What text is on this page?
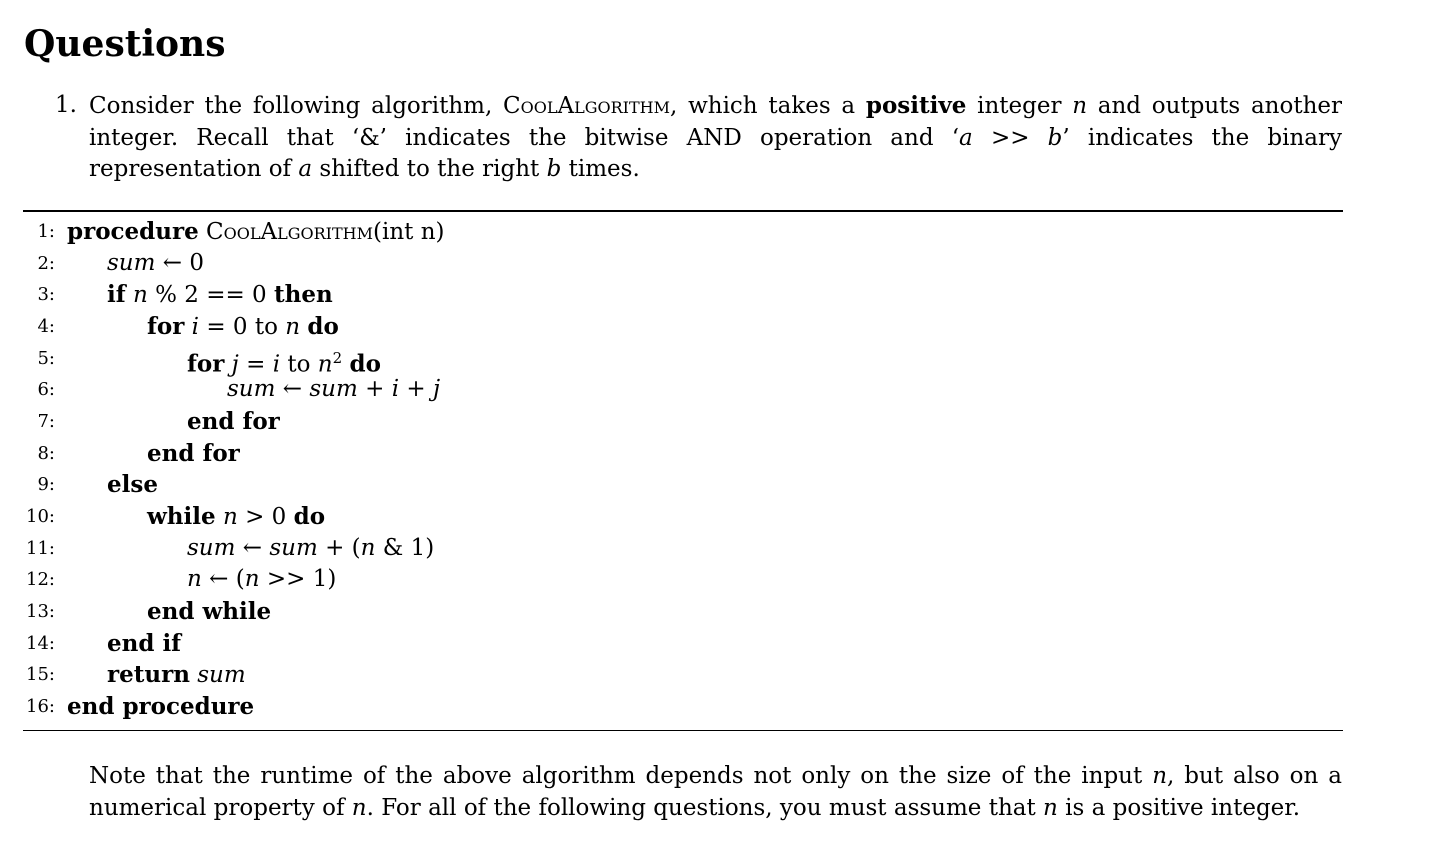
Questions
1. Consider the following algorithm, CoolAlgorithm, which takes a positive integer n and outputs another integer. Recall that ‘&’ indicates the bitwise AND operation and ‘a >> b’ indicates the binary representation of a shifted to the right b times.
1: procedure CoolAlgorithm(int n)
2: sum ← 0
3: if n % 2 == 0 then
4:	for i = 0 to n do
5:	for j = i to $n^2$ do
6:	sum ← sum + i + j
7:	end for
8:	end for
9: else
10:	while n > 0 do
11:	sum ← sum + (n & 1)
12:	n ← (n >> 1)
13:	end while
14: end if
15: return sum
16: end procedure
Note that the runtime of the above algorithm depends not only on the size of the input n, but also on a numerical property of n. For all of the following questions, you must assume that n is a positive integer.
